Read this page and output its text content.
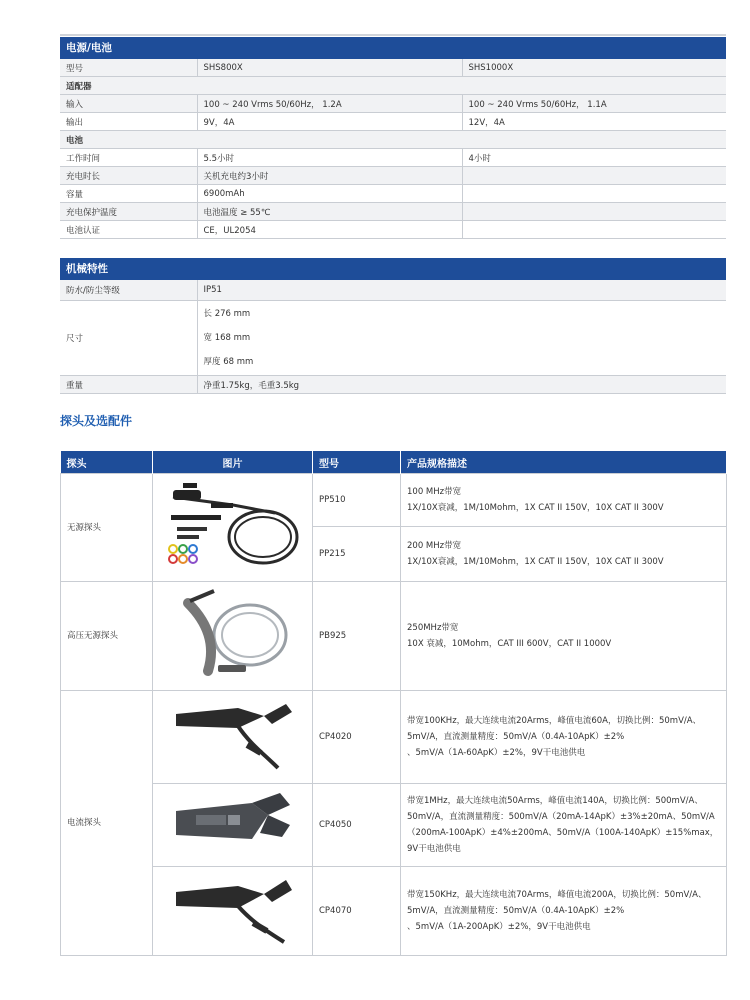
电源/电池
型号	SHS800X	SHS1000X
适配器		
输入	100 ~ 240 Vrms 50/60Hz， 1.2A	100 ~ 240 Vrms 50/60Hz， 1.1A
输出	9V，4A	12V，4A
电池		
工作时间	5.5小时	4小时
充电时长	关机充电约3小时	
容量	6900mAh	
充电保护温度	电池温度 ≥ 55℃	
电池认证	CE，UL2054	
机械特性
防水/防尘等级	IP51
尺寸	长 276 mm
宽 168 mm
厚度 68 mm

重量	净重1.75kg，毛重3.5kg
探头及选配件
探头	图片	型号	产品规格描述
无源探头		PP510	100 MHz带宽
1X/10X衰减，1M/10Mohm，1X CAT II 150V，10X CAT II 300V

		PP215	200 MHz带宽
1X/10X衰减，1M/10Mohm，1X CAT II 150V，10X CAT II 300V

高压无源探头		PB925	250MHz带宽
10X 衰减，10Mohm，CAT III 600V，CAT II 1000V

电流探头		CP4020	带宽100KHz，最大连续电流20Arms，峰值电流60A，切换比例：50mV/A、
5mV/A，直流测量精度：50mV/A（0.4A-10ApK）±2%
、5mV/A（1A-60ApK）±2%，9V干电池供电

	CP4050	带宽1MHz，最大连续电流50Arms，峰值电流140A，切换比例：500mV/A、
50mV/A，直流测量精度：500mV/A（20mA-14ApK）±3%±20mA、50mV/A
（200mA-100ApK）±4%±200mA、50mV/A（100A-140ApK）±15%max，
9V干电池供电

	CP4070	带宽150KHz，最大连续电流70Arms，峰值电流200A，切换比例：50mV/A、
5mV/A，直流测量精度：50mV/A（0.4A-10ApK）±2%
、5mV/A（1A-200ApK）±2%，9V干电池供电
